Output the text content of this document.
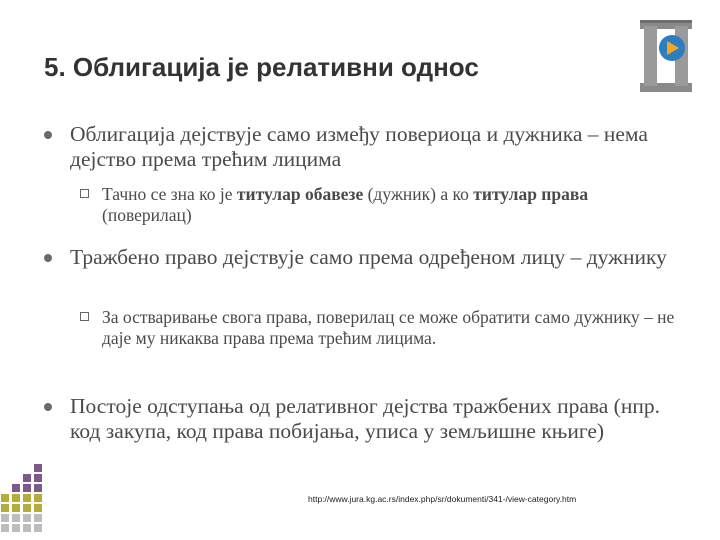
5. Облигација је релативни однос
Облигација дејствује само између повериоца и дужника – нема дејство према трећим лицима
Тачно се зна ко је титулар обавезе (дужник) а ко титулар права (поверилац)
Тражбено право дејствује само према одређеном лицу – дужнику
За остваривање свога права, поверилац се може обратити само дужнику – не даје му никаква права према трећим лицима.
Постоје одступања од релативног дејства тражбених права (нпр. код закупа, код права побијања, уписа у земљишне књиге)
http://www.jura.kg.ac.rs/index.php/sr/dokumenti/341-/view-category.htm
